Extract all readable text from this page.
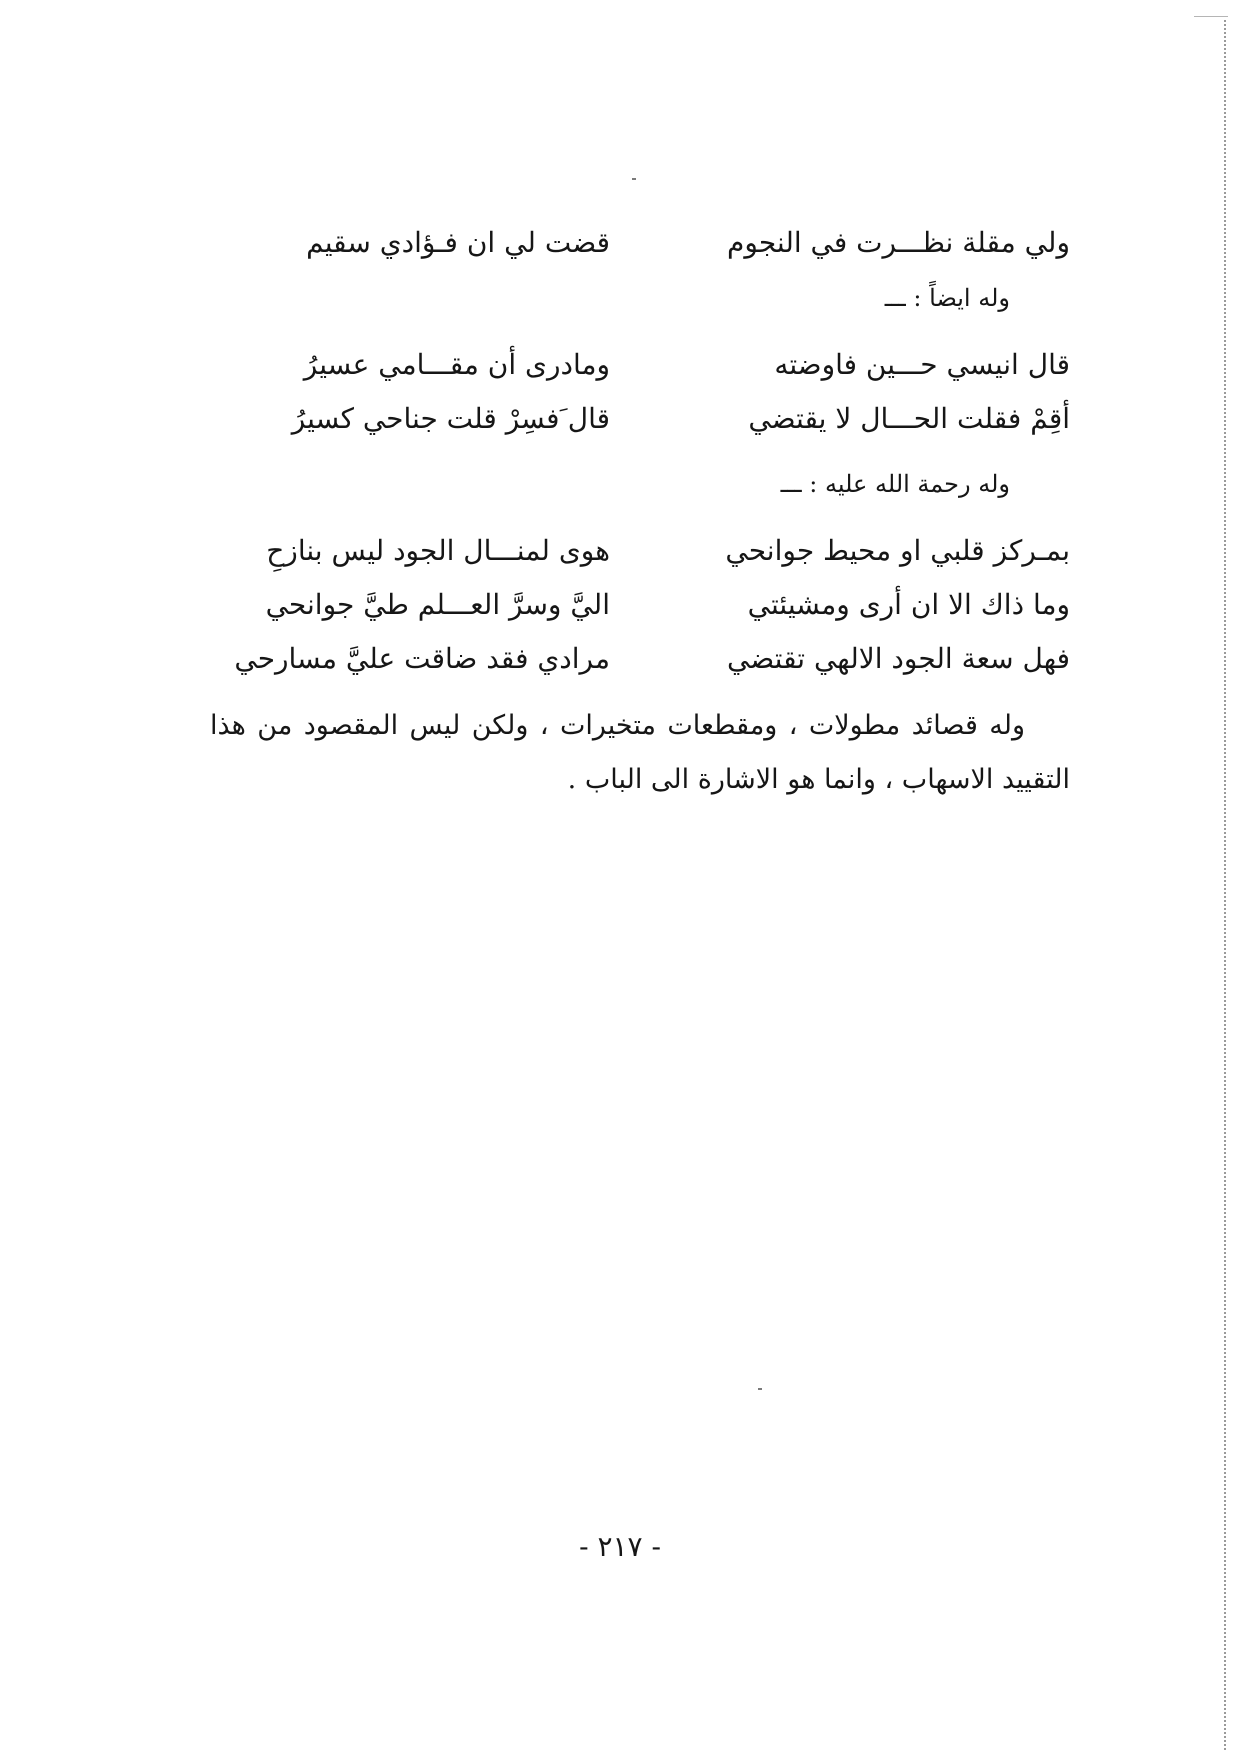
ولي مقلة نظـــرت في النجوم
قضت لي ان فـؤادي سقيم
وله ايضاً : ـــ
قال انيسي حـــين فاوضته
ومادرى أن مقـــامي عسيرُ
أقِمْ فقلت الحـــال لا يقتضي
قال َفسِرْ قلت جناحي كسيرُ
وله رحمة الله عليه : ـــ
بمـركز قلبي او محيط جوانحي
هوى لمنـــال الجود ليس بنازحِ
وما ذاك الا ان أرى ومشيئتي
اليَّ وسرَّ العـــلم طيَّ جوانحي
فهل سعة الجود الالهي تقتضي
مرادي فقد ضاقت عليَّ مسارحي

وله قصائد مطولات ، ومقطعات متخيرات ، ولكن ليس المقصود من هذا التقييد الاسهاب ، وانما هو الاشارة الى الباب .

- ٢١٧ -
